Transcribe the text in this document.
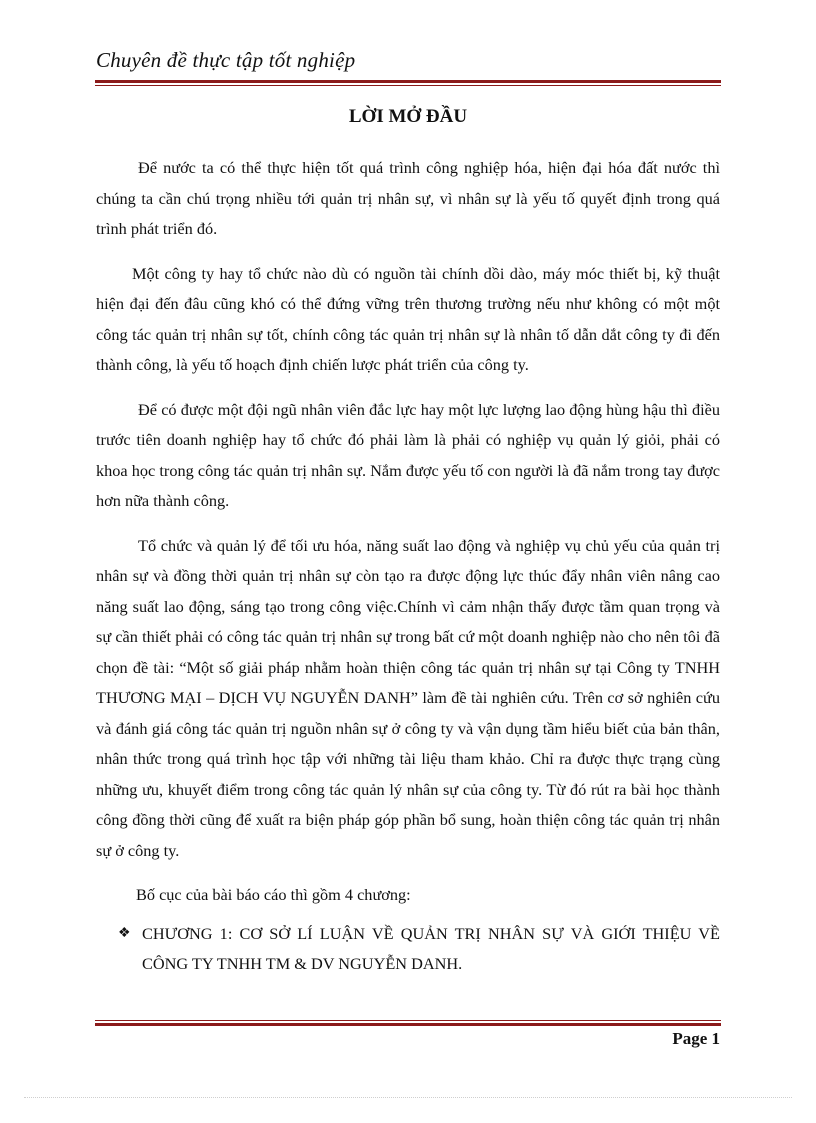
Chuyên đề thực tập tốt nghiệp
LỜI MỞ ĐẦU

Để nước ta có thể thực hiện tốt quá trình công nghiệp hóa, hiện đại hóa đất nước thì chúng ta cần chú trọng nhiều tới quản trị nhân sự, vì nhân sự là yếu tố quyết định trong quá trình phát triển đó.

Một công ty hay tổ chức nào dù có nguồn tài chính dồi dào, máy móc thiết bị, kỹ thuật hiện đại đến đâu cũng khó có thể đứng vững trên thương trường nếu như không có một một công tác quản trị nhân sự tốt, chính công tác quản trị nhân sự là nhân tố dẫn dắt công ty đi đến thành công, là yếu tố hoạch định chiến lược phát triển của công ty.

Để có được một đội ngũ nhân viên đắc lực hay một lực lượng lao động hùng hậu thì điều trước tiên doanh nghiệp hay tổ chức đó phải làm là phải có nghiệp vụ quản lý giỏi, phải có khoa học trong công tác quản trị nhân sự. Nắm được yếu tố con người là đã nắm trong tay được hơn nữa thành công.

Tổ chức và quản lý để tối ưu hóa, năng suất lao động và nghiệp vụ chủ yếu của quản trị nhân sự và đồng thời quản trị nhân sự còn tạo ra được động lực thúc đẩy nhân viên nâng cao năng suất lao động, sáng tạo trong công việc.Chính vì cảm nhận thấy được tầm quan trọng và sự cần thiết phải có công tác quản trị nhân sự trong bất cứ một doanh nghiệp nào cho nên tôi đã chọn đề tài: “Một số giải pháp nhằm hoàn thiện công tác quản trị nhân sự tại Công ty TNHH THƯƠNG MẠI – DỊCH VỤ NGUYỄN DANH” làm đề tài nghiên cứu. Trên cơ sở nghiên cứu và đánh giá công tác quản trị nguồn nhân sự ở công ty và vận dụng tầm hiểu biết của bản thân, nhân thức trong quá trình học tập với những tài liệu tham khảo. Chỉ ra được thực trạng cùng những ưu, khuyết điểm trong công tác quản lý nhân sự của công ty. Từ đó rút ra bài học thành công đồng thời cũng để xuất ra biện pháp góp phần bổ sung, hoàn thiện công tác quản trị nhân sự ở công ty.

Bố cục của bài báo cáo thì gồm 4 chương:

❖ CHƯƠNG 1: CƠ SỞ LÍ LUẬN VỀ QUẢN TRỊ NHÂN SỰ VÀ GIỚI THIỆU VỀ CÔNG TY TNHH TM & DV NGUYỄN DANH.
Page 1
